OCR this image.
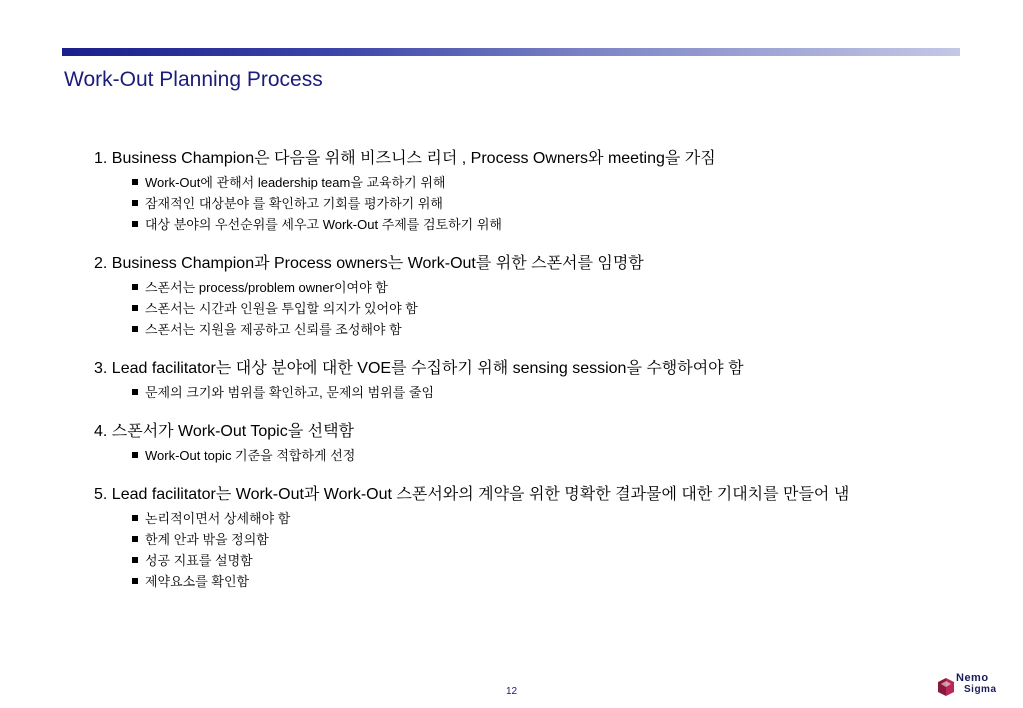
Work-Out Planning Process

1. Business Champion은 다음을 위해 비즈니스 리더 , Process Owners와 meeting을 가짐

Work-Out에 관해서 leadership team을 교육하기 위해
잠재적인 대상분야 를 확인하고 기회를 평가하기 위해
대상 분야의 우선순위를 세우고 Work-Out 주제를 검토하기 위해

2. Business Champion과 Process owners는 Work-Out를 위한 스폰서를 임명함

스폰서는 process/problem owner이여야 함
스폰서는 시간과 인원을 투입할 의지가 있어야 함
스폰서는 지원을 제공하고 신뢰를 조성해야 함

3. Lead facilitator는 대상 분야에 대한 VOE를 수집하기 위해 sensing session을 수행하여야 함

문제의 크기와 범위를 확인하고, 문제의 범위를 줄임

4. 스폰서가 Work-Out Topic을 선택함

Work-Out topic 기준을 적합하게 선정

5. Lead facilitator는 Work-Out과 Work-Out 스폰서와의 계약을 위한 명확한 결과물에 대한 기대치를 만들어 냄

논리적이면서 상세해야 함
한계 안과 밖을 정의함
성공 지표를 설명함
제약요소를 확인함
12
Nemo
Sigma
